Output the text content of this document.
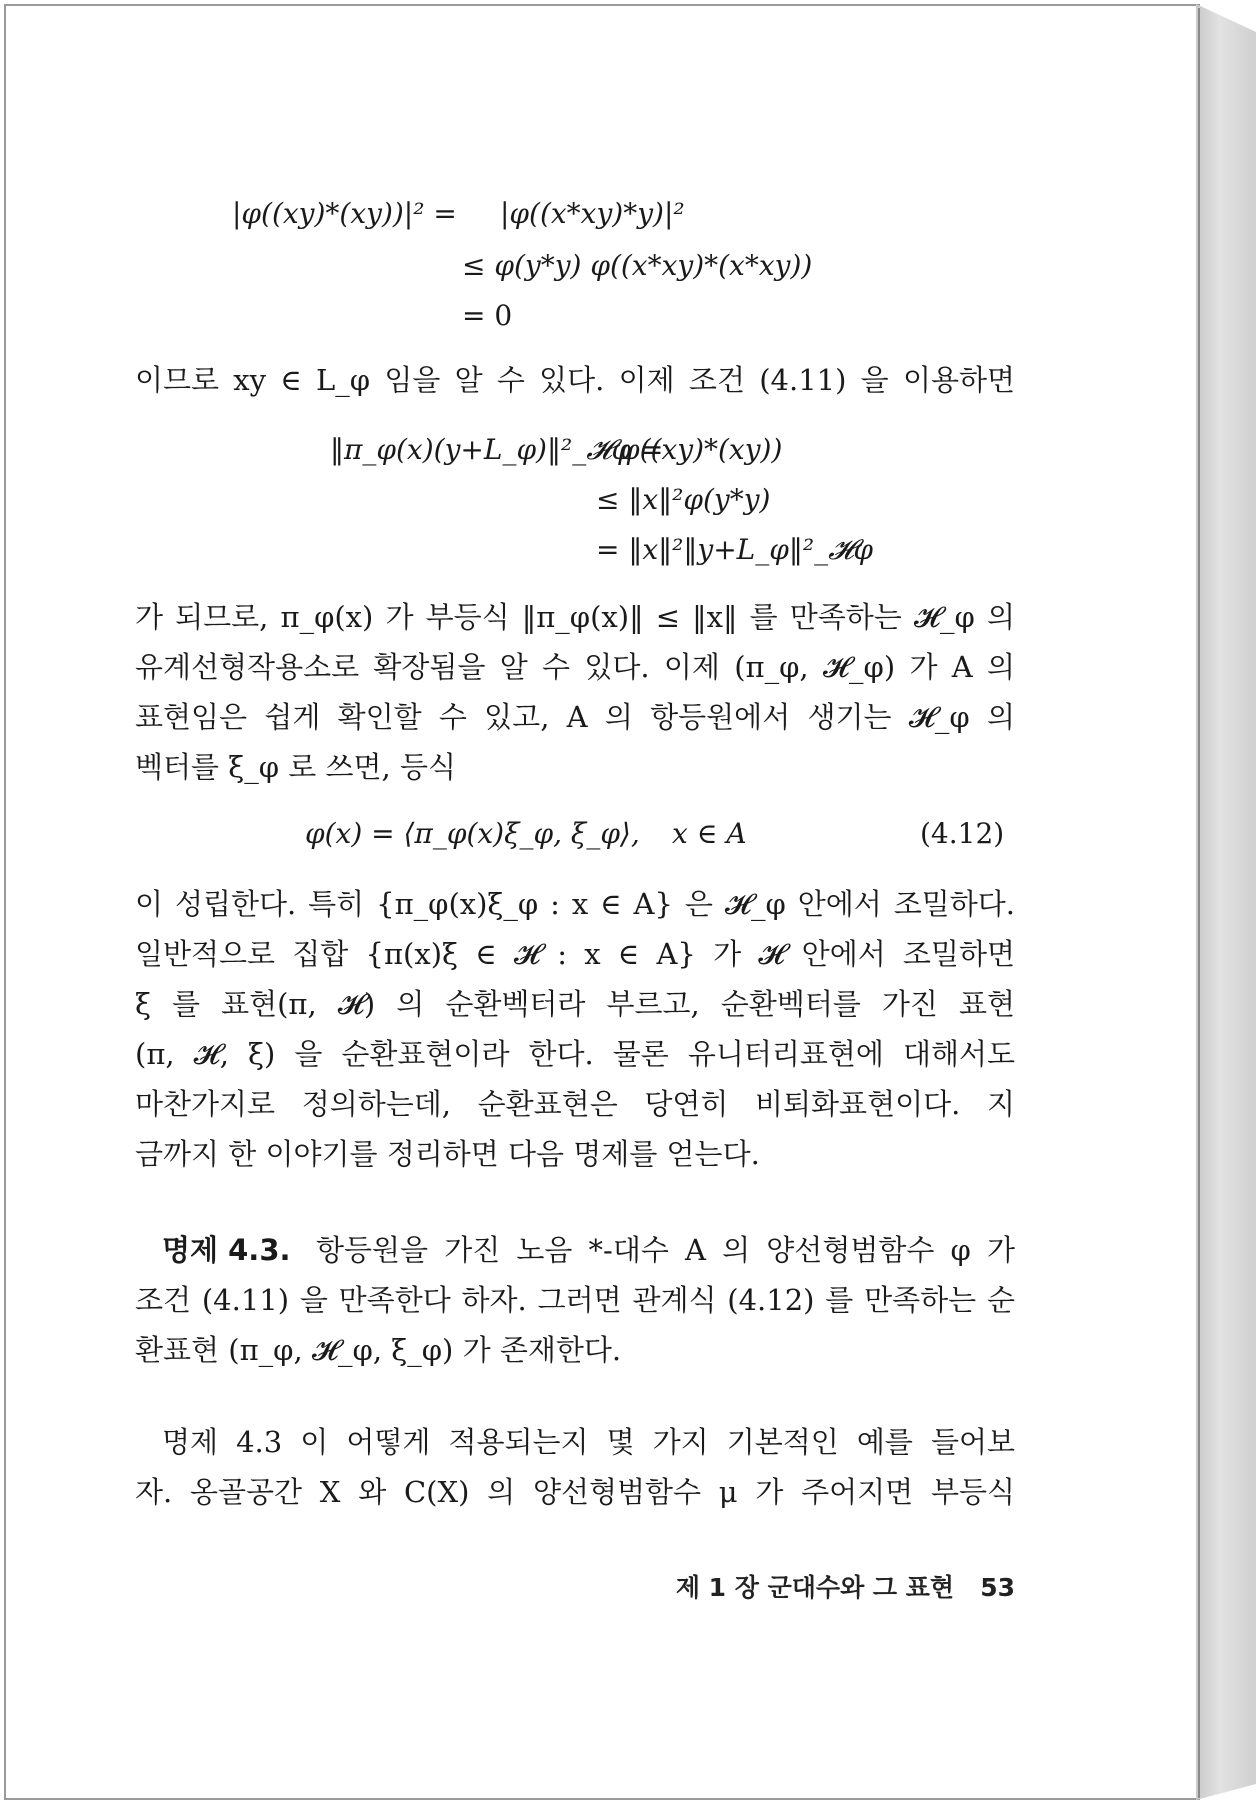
|φ((xy)*(xy))|² = |φ((x*xy)*y)|²
≤ φ(y*y) φ((x*xy)*(x*xy))
= 0
이므로 xy ∈ L_φ 임을 알 수 있다. 이제 조건 (4.11) 을 이용하면
‖π_φ(x)(y+L_φ)‖²_𝓗φ =
φ((xy)*(xy))
≤ ‖x‖²φ(y*y)
= ‖x‖²‖y+L_φ‖²_𝓗φ
가 되므로, π_φ(x) 가 부등식 ‖π_φ(x)‖ ≤ ‖x‖ 를 만족하는 𝓗_φ 의
유계선형작용소로 확장됨을 알 수 있다. 이제 (π_φ, 𝓗_φ) 가 A 의
표현임은 쉽게 확인할 수 있고, A 의 항등원에서 생기는 𝓗_φ 의
벡터를 ξ_φ 로 쓰면, 등식
φ(x) = ⟨π_φ(x)ξ_φ, ξ_φ⟩, x ∈ A	(4.12)
이 성립한다. 특히 {π_φ(x)ξ_φ : x ∈ A} 은 𝓗_φ 안에서 조밀하다.
일반적으로 집합 {π(x)ξ ∈ 𝓗 : x ∈ A} 가 𝓗 안에서 조밀하면
ξ 를 표현(π, 𝓗) 의 순환벡터라 부르고, 순환벡터를 가진 표현
(π, 𝓗, ξ) 을 순환표현이라 한다. 물론 유니터리표현에 대해서도
마찬가지로 정의하는데, 순환표현은 당연히 비퇴화표현이다. 지
금까지 한 이야기를 정리하면 다음 명제를 얻는다.
명제 4.3. 항등원을 가진 노음 *-대수 A 의 양선형범함수 φ 가
조건 (4.11) 을 만족한다 하자. 그러면 관계식 (4.12) 를 만족하는 순
환표현 (π_φ, 𝓗_φ, ξ_φ) 가 존재한다.
명제 4.3 이 어떻게 적용되는지 몇 가지 기본적인 예를 들어보
자. 옹골공간 X 와 C(X) 의 양선형범함수 μ 가 주어지면 부등식
제 1 장 군대수와 그 표현 53
